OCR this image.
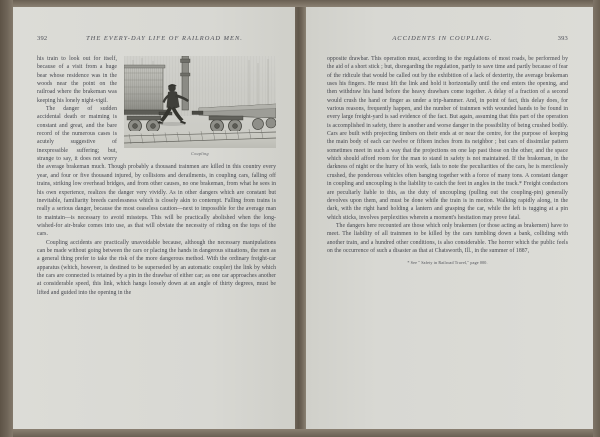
392	THE EVERY-DAY LIFE OF RAILROAD MEN.
Coupling

his train to look out for itself, because of a visit from a huge bear whose residence was in the woods near the point on the railroad where the brakeman was keeping his lonely night-vigil.

The danger of sudden accidental death or maiming is constant and great, and the bare record of the numerous cases is acutely suggestive of inexpressible suffering; but, strange to say, it does not worry the average brakeman much. Though probably a thousand trainmen are killed in this country every year, and four or five thousand injured, by collisions and derailments, in coupling cars, falling off trains, striking low overhead bridges, and from other causes, no one brakeman, from what he sees in his own experience, realizes the danger very vividly. As in other dangers which are constant but inevitable, familiarity breeds carelessness which is closely akin to contempt. Falling from trains is really a serious danger, because the most ceaseless caution—next to impossible for the average man to maintain—is necessary to avoid missteps. This will be practically abolished when the long-wished-for air-brake comes into use, as that will obviate the necessity of riding on the tops of the cars.

Coupling accidents are practically unavoidable because, although the necessary manipulations can be made without going between the cars or placing the hands in dangerous situations, the men as a general thing prefer to take the risk of the more dangerous method. With the ordinary freight-car apparatus (which, however, is destined to be superseded by an automatic coupler) the link by which the cars are connected is retained by a pin in the drawbar of either car; as one car approaches another at considerable speed, this link, which hangs loosely down at an angle of thirty degrees, must be lifted and guided into the opening in the

ACCIDENTS IN COUPLING.	393

opposite drawbar. This operation must, according to the regulations of most roads, be performed by the aid of a short stick ; but, disregarding the regulation, partly to save time and partly because of fear of the ridicule that would be called out by the exhibition of a lack of dexterity, the average brakeman uses his fingers. He must lift the link and hold it horizontally until the end enters the opening, and then withdraw his hand before the heavy drawbars come together. A delay of a fraction of a second would crush the hand or finger as under a trip-hammer. And, in point of fact, this delay does, for various reasons, frequently happen, and the number of trainmen with wounded hands to be found in every large freight-yard is sad evidence of the fact. But again, assuming that this part of the operation is accomplished in safety, there is another and worse danger in the possibility of being crushed bodily. Cars are built with projecting timbers on their ends at or near the centre, for the purpose of keeping the main body of each car twelve or fifteen inches from its neighbor ; but cars of dissimilar pattern sometimes meet in such a way that the projections on one lap past those on the other, and the space which should afford room for the man to stand in safety is not maintained. If the brakeman, in the darkness of night or the hurry of his work, fails to note the peculiarities of the cars, he is mercilessly crushed, the ponderous vehicles often banging together with a force of many tons. A constant danger in coupling and uncoupling is the liability to catch the feet in angles in the track.* Freight conductors are peculiarly liable to this, as the duty of uncoupling (pulling out the coupling-pin) generally devolves upon them, and must be done while the train is in motion. Walking rapidly along, in the dark, with the right hand holding a lantern and grasping the car, while the left is tugging at a pin which sticks, involves perplexities wherein a moment's hesitation may prove fatal.

The dangers here recounted are those which only brakemen (or those acting as brakemen) have to meet. The liability of all trainmen to be killed by the cars tumbling down a bank, colliding with another train, and a hundred other conditions, is also considerable. The horror which the public feels on the occurrence of such a disaster as that at Chatsworth, Ill., in the summer of 1887,

* See " Safety in Railroad Travel," page 000.
